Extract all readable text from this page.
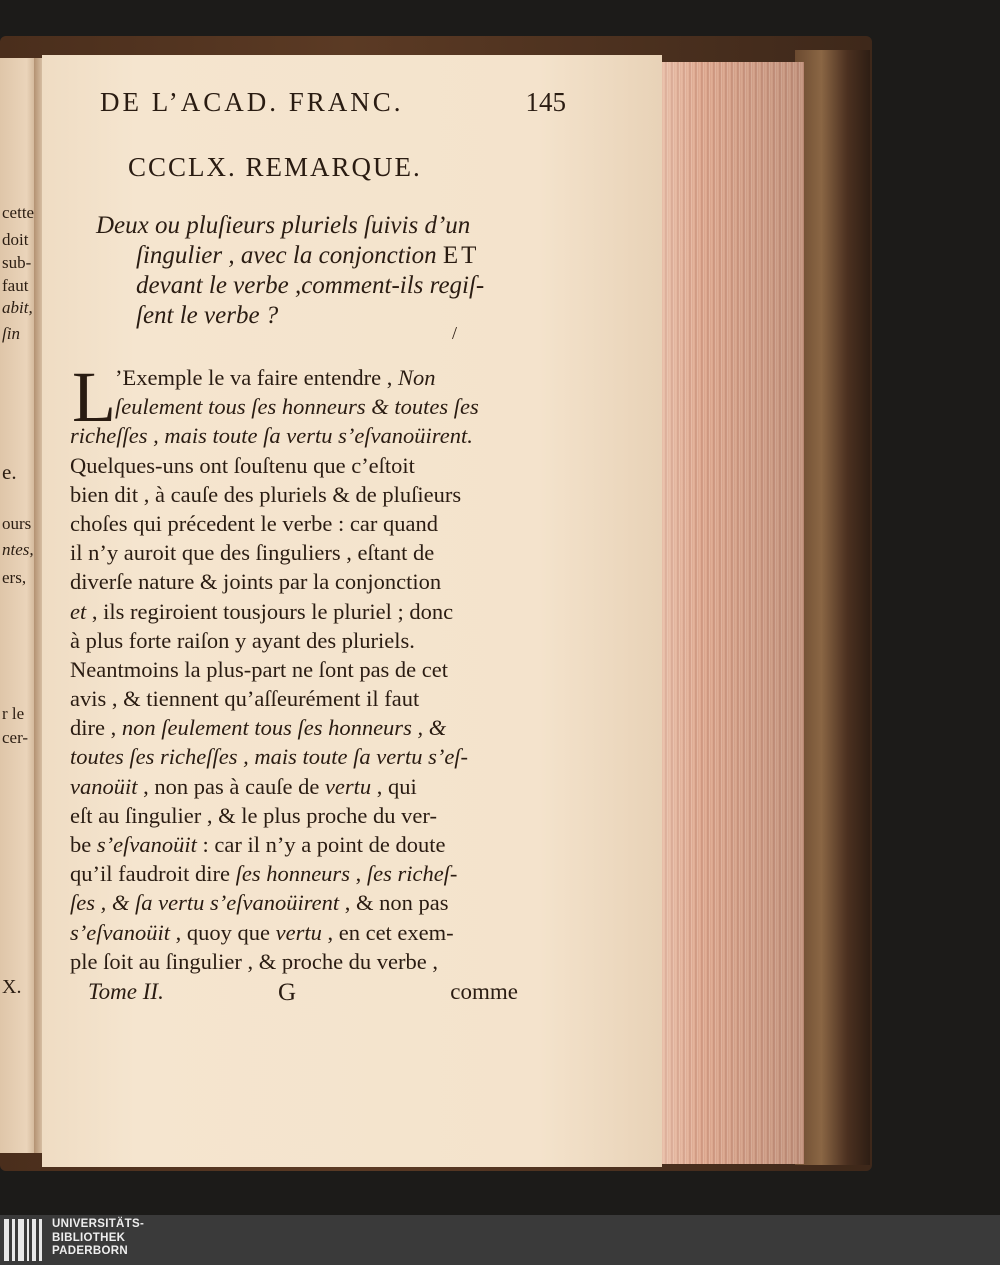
cette
doit
sub-
faut
abit,
ſin
e.
ours
ntes,
ers,
r le
cer-
X.
DE L’ACAD. FRANC.	145
CCCLX. REMARQUE.
Deux ou pluſieurs pluriels ſuivis d’un
ſingulier , avec la conjonction ET
devant le verbe ,comment-ils regiſ-
ſent le verbe ?
/
L ’Exemple le va faire entendre , Non
ſeulement tous ſes honneurs & toutes ſes
richeſſes , mais toute ſa vertu s’eſvanoüirent.
Quelques-uns ont ſouſtenu que c’eſtoit
bien dit , à cauſe des pluriels & de pluſieurs
choſes qui précedent le verbe : car quand
il n’y auroit que des ſinguliers , eſtant de
diverſe nature & joints par la conjonction
et , ils regiroient tousjours le pluriel ; donc
à plus forte raiſon y ayant des pluriels.
Neantmoins la plus-part ne ſont pas de cet
avis , & tiennent qu’aſſeurément il faut
dire , non ſeulement tous ſes honneurs , &
toutes ſes richeſſes , mais toute ſa vertu s’eſ-
vanoüit , non pas à cauſe de vertu , qui
eſt au ſingulier , & le plus proche du ver-
be s’eſvanoüit : car il n’y a point de doute
qu’il faudroit dire ſes honneurs , ſes richeſ-
ſes , & ſa vertu s’eſvanoüirent , & non pas
s’eſvanoüit , quoy que vertu , en cet exem-
ple ſoit au ſingulier , & proche du verbe ,
Tome II.	G	comme
UNIVERSITÄTS-
BIBLIOTHEK
PADERBORN
